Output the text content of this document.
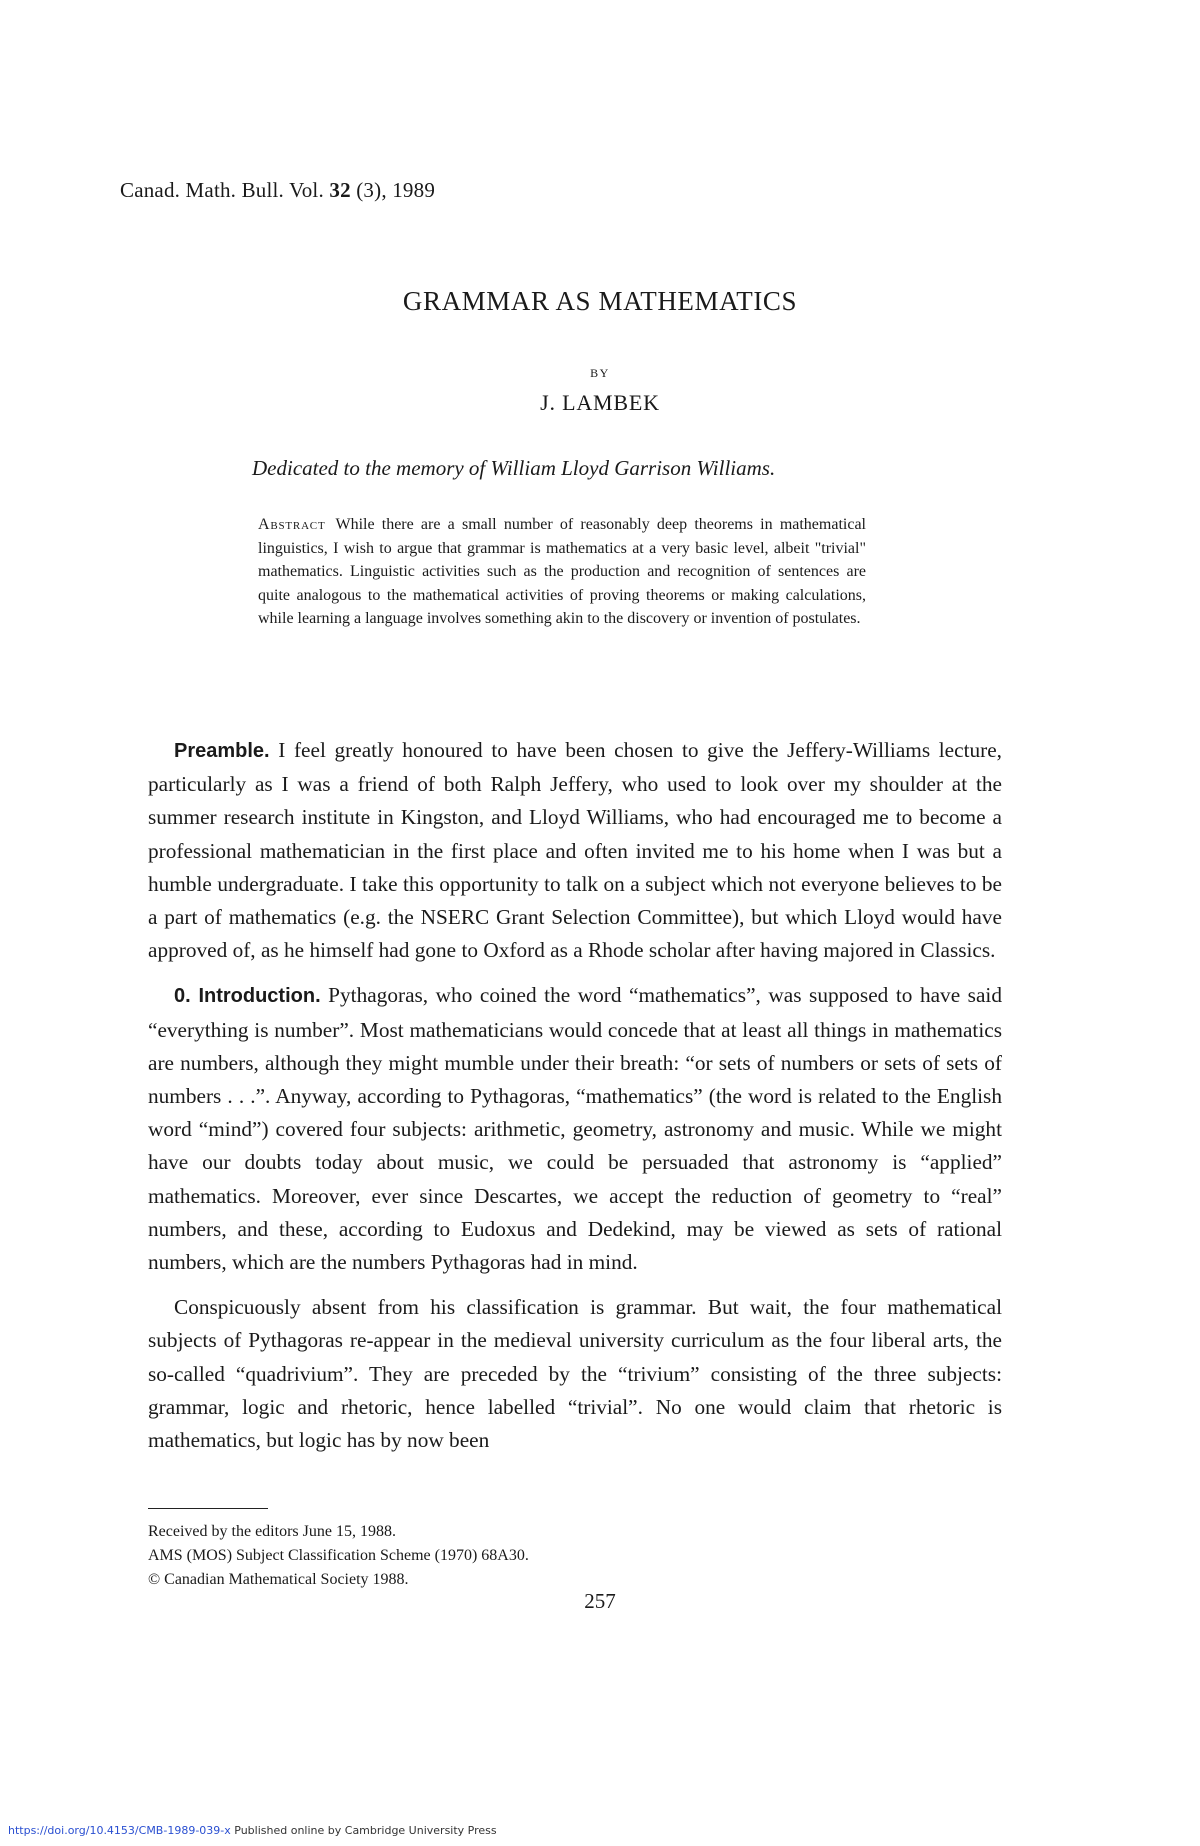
Canad. Math. Bull. Vol. 32 (3), 1989
GRAMMAR AS MATHEMATICS
BY
J. LAMBEK
Dedicated to the memory of William Lloyd Garrison Williams.

Abstract While there are a small number of reasonably deep theorems in mathematical linguistics, I wish to argue that grammar is mathematics at a very basic level, albeit "trivial" mathematics. Linguistic activities such as the production and recognition of sentences are quite analogous to the mathematical activities of proving theorems or making calculations, while learning a language involves something akin to the discovery or invention of postulates.

Preamble. I feel greatly honoured to have been chosen to give the Jeffery-Williams lecture, particularly as I was a friend of both Ralph Jeffery, who used to look over my shoulder at the summer research institute in Kingston, and Lloyd Williams, who had encouraged me to become a professional mathematician in the first place and often invited me to his home when I was but a humble undergraduate. I take this opportunity to talk on a subject which not everyone believes to be a part of mathematics (e.g. the NSERC Grant Selection Committee), but which Lloyd would have approved of, as he himself had gone to Oxford as a Rhode scholar after having majored in Classics.

0. Introduction. Pythagoras, who coined the word “mathematics”, was supposed to have said “everything is number”. Most mathematicians would concede that at least all things in mathematics are numbers, although they might mumble under their breath: “or sets of numbers or sets of sets of numbers . . .”. Anyway, according to Pythagoras, “mathematics” (the word is related to the English word “mind”) covered four subjects: arithmetic, geometry, astronomy and music. While we might have our doubts today about music, we could be persuaded that astronomy is “applied” mathematics. Moreover, ever since Descartes, we accept the reduction of geometry to “real” numbers, and these, according to Eudoxus and Dedekind, may be viewed as sets of rational numbers, which are the numbers Pythagoras had in mind.

Conspicuously absent from his classification is grammar. But wait, the four mathematical subjects of Pythagoras re-appear in the medieval university curriculum as the four liberal arts, the so-called “quadrivium”. They are preceded by the “trivium” consisting of the three subjects: grammar, logic and rhetoric, hence labelled “trivial”. No one would claim that rhetoric is mathematics, but logic has by now been

Received by the editors June 15, 1988.
AMS (MOS) Subject Classification Scheme (1970) 68A30.
© Canadian Mathematical Society 1988.
257
https://doi.org/10.4153/CMB-1989-039-x Published online by Cambridge University Press
